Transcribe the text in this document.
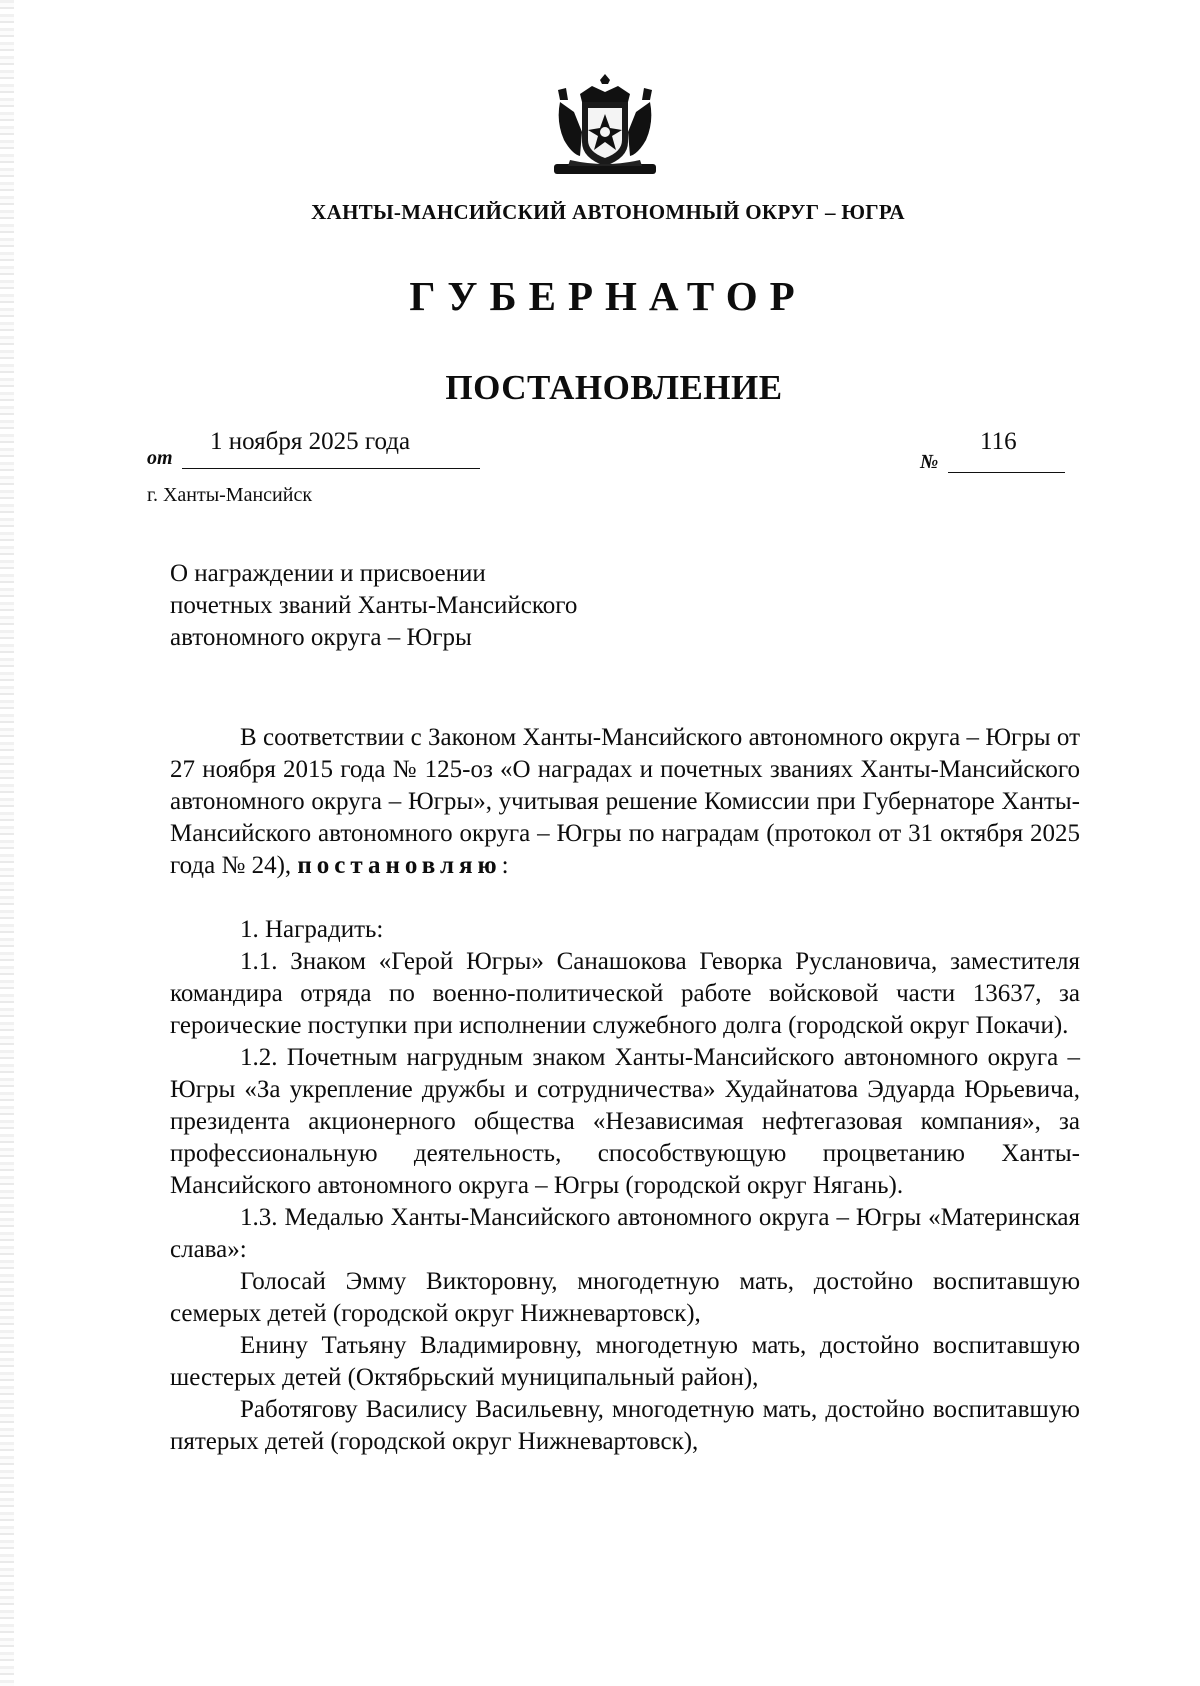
ХАНТЫ-МАНСИЙСКИЙ АВТОНОМНЫЙ ОКРУГ – ЮГРА
ГУБЕРНАТОР
ПОСТАНОВЛЕНИЕ
от
1 ноября 2025 года
№
116
г. Ханты-Мансийск
О награждении и присвоении
почетных званий Ханты-Мансийского
автономного округа – Югры

В соответствии с Законом Ханты-Мансийского автономного округа – Югры от 27 ноября 2015 года № 125-оз «О наградах и почетных званиях Ханты-Мансийского автономного округа – Югры», учитывая решение Комиссии при Губернаторе Ханты-Мансийского автономного округа – Югры по наградам (протокол от 31 октября 2025 года № 24), постановляю:

1. Наградить:

1.1. Знаком «Герой Югры» Санашокова Геворка Руслановича, заместителя командира отряда по военно-политической работе войсковой части 13637, за героические поступки при исполнении служебного долга (городской округ Покачи).

1.2. Почетным нагрудным знаком Ханты-Мансийского автономного округа – Югры «За укрепление дружбы и сотрудничества» Худайнатова Эдуарда Юрьевича, президента акционерного общества «Независимая нефтегазовая компания», за профессиональную деятельность, способствующую процветанию Ханты-Мансийского автономного округа – Югры (городской округ Нягань).

1.3. Медалью Ханты-Мансийского автономного округа – Югры «Материнская слава»:

Голосай Эмму Викторовну, многодетную мать, достойно воспитавшую семерых детей (городской округ Нижневартовск),

Енину Татьяну Владимировну, многодетную мать, достойно воспитавшую шестерых детей (Октябрьский муниципальный район),

Работягову Василису Васильевну, многодетную мать, достойно воспитавшую пятерых детей (городской округ Нижневартовск),
